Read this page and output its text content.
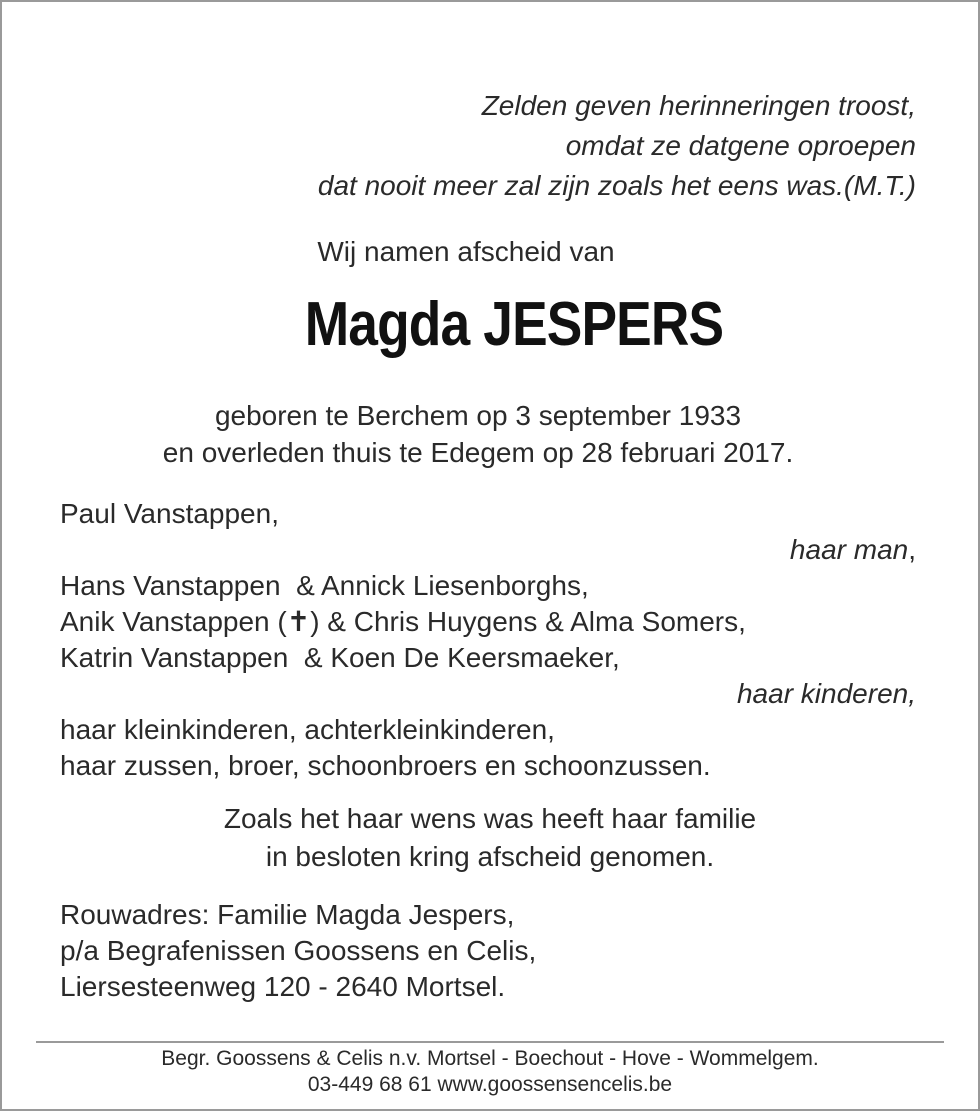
Zelden geven herinneringen troost,
omdat ze datgene oproepen
dat nooit meer zal zijn zoals het eens was.(M.T.)
Wij namen afscheid van
Magda JESPERS
geboren te Berchem op 3 september 1933
en overleden thuis te Edegem op 28 februari 2017.
Paul Vanstappen,
haar man,
Hans Vanstappen  & Annick Liesenborghs,
Anik Vanstappen (✝) & Chris Huygens & Alma Somers,
Katrin Vanstappen  & Koen De Keersmaeker,
haar kinderen,
haar kleinkinderen, achterkleinkinderen,
haar zussen, broer, schoonbroers en schoonzussen.
Zoals het haar wens was heeft haar familie
in besloten kring afscheid genomen.
Rouwadres: Familie Magda Jespers,
p/a Begrafenissen Goossens en Celis,
Liersesteenweg 120 - 2640 Mortsel.
Begr. Goossens & Celis n.v. Mortsel - Boechout - Hove - Wommelgem.
03-449 68 61 www.goossensencelis.be
